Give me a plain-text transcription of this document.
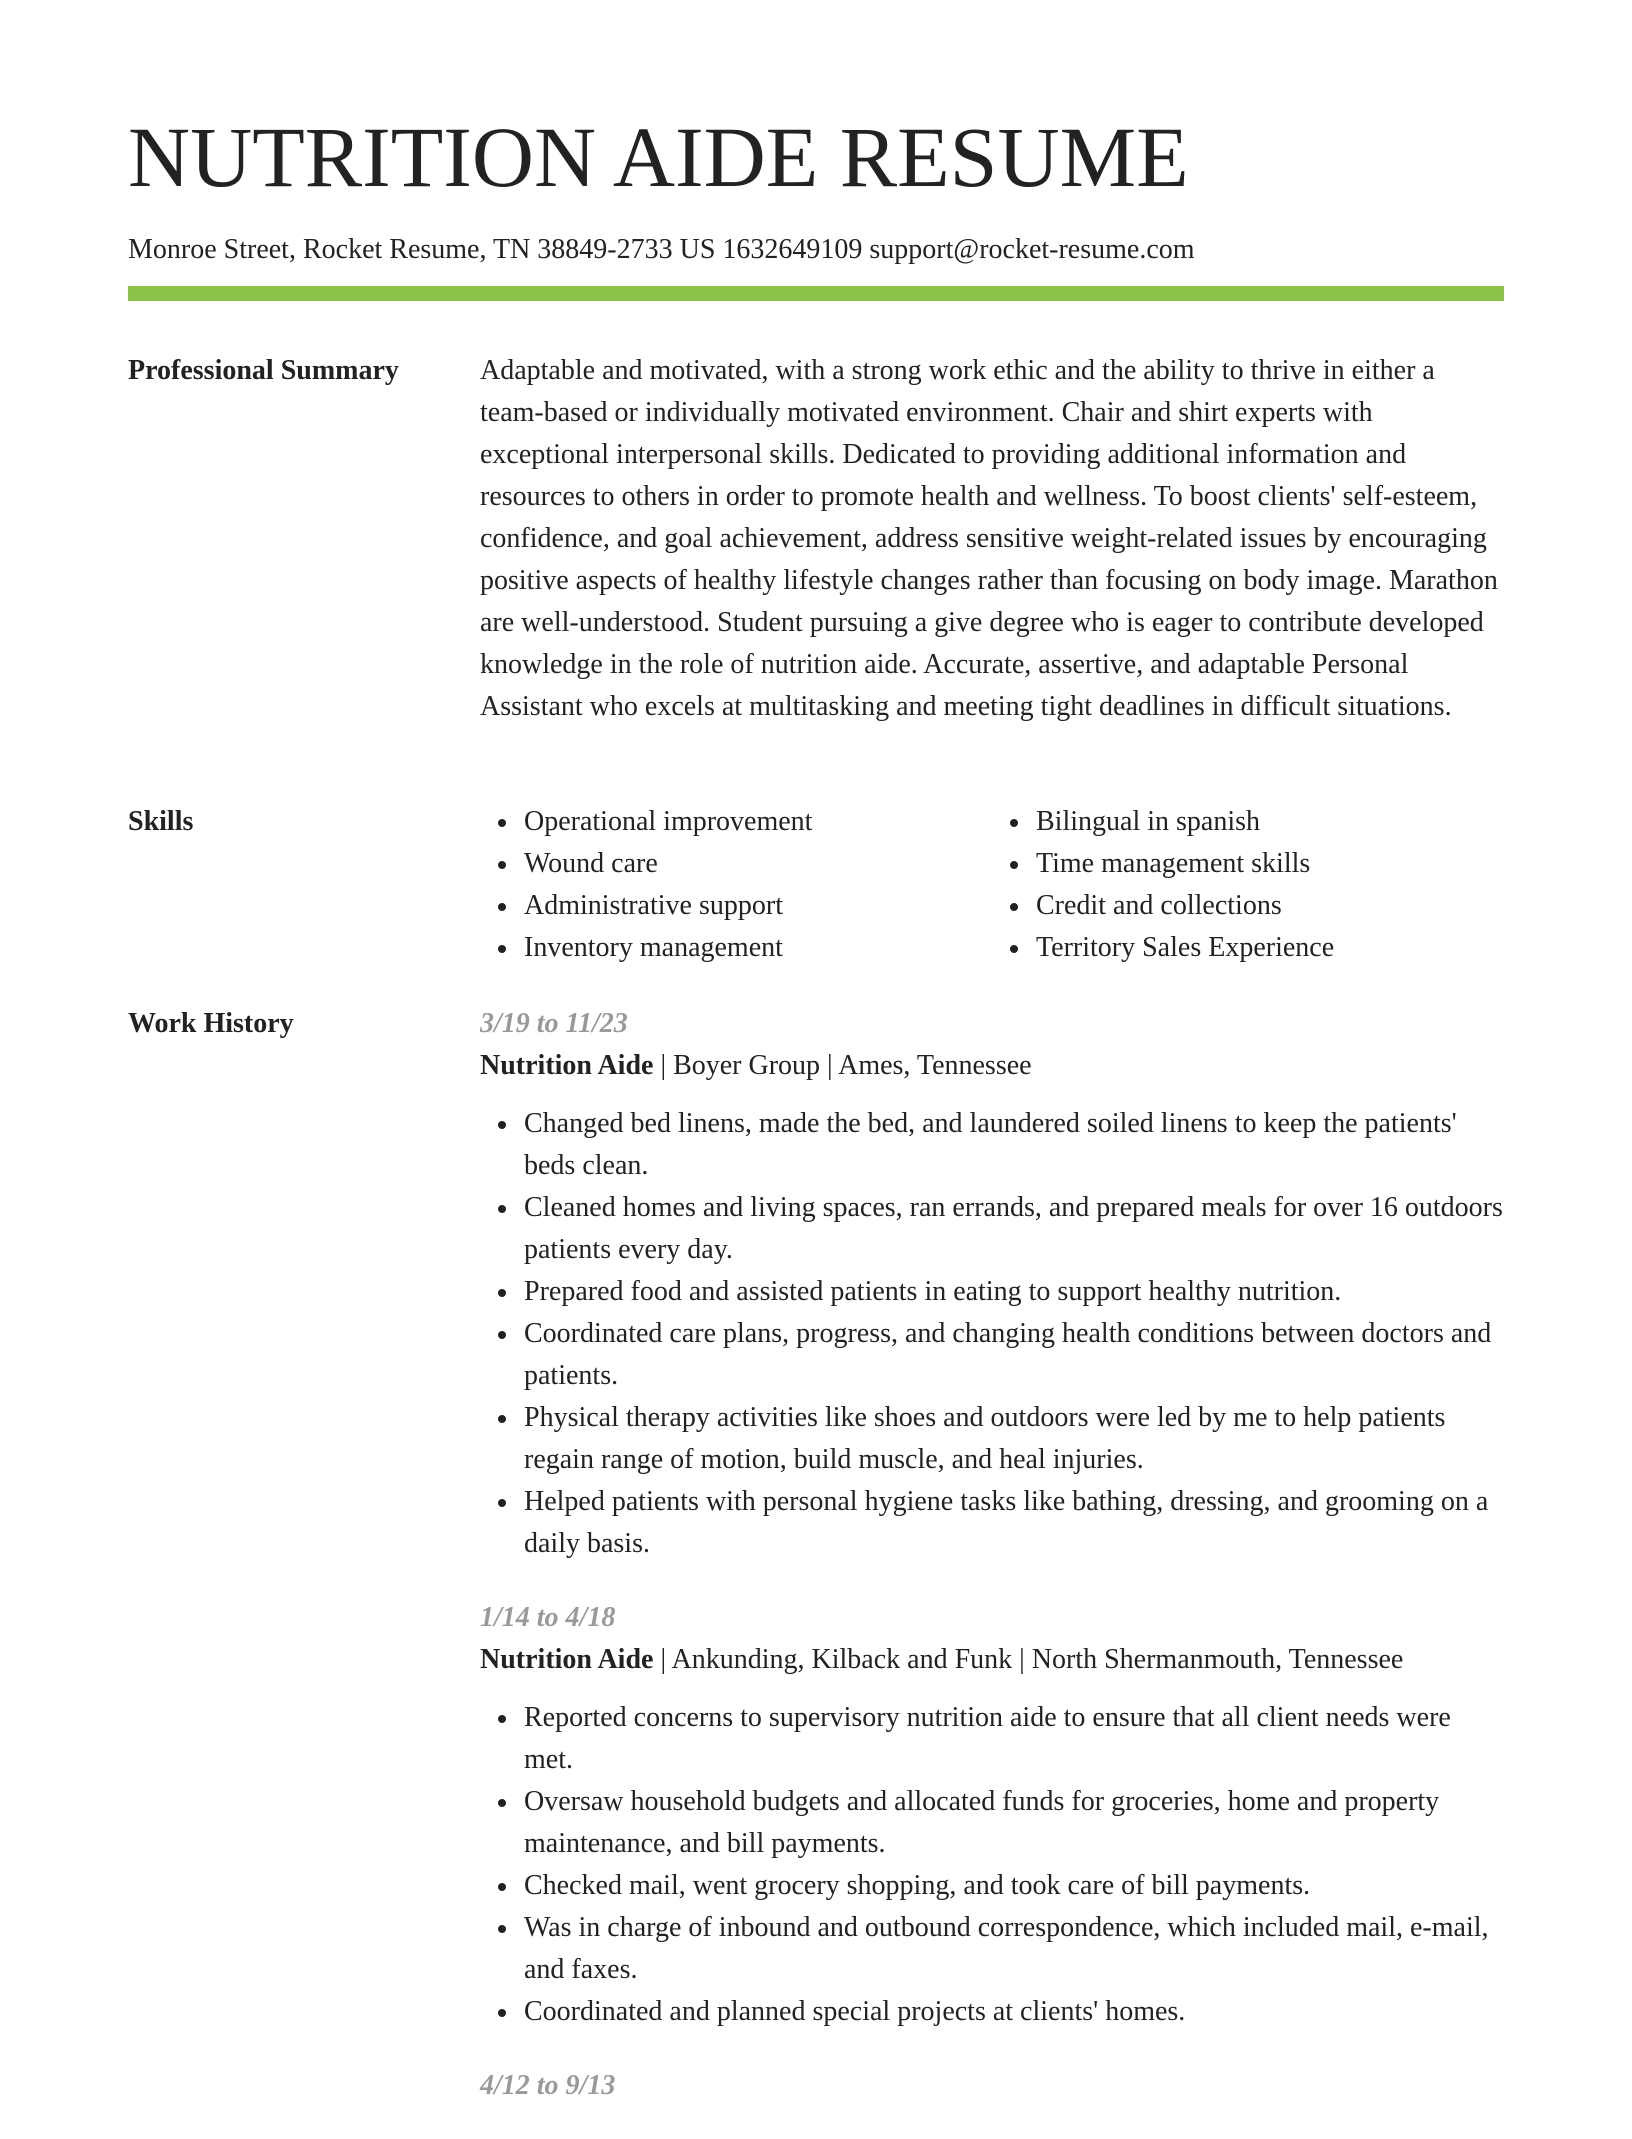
NUTRITION AIDE RESUME
Monroe Street, Rocket Resume, TN 38849-2733 US 1632649109 support@rocket-resume.com
Professional Summary	Adaptable and motivated, with a strong work ethic and the ability to thrive in either a team-based or individually motivated environment. Chair and shirt experts with exceptional interpersonal skills. Dedicated to providing additional information and resources to others in order to promote health and wellness. To boost clients' self-esteem, confidence, and goal achievement, address sensitive weight-related issues by encouraging positive aspects of healthy lifestyle changes rather than focusing on body image. Marathon are well-understood. Student pursuing a give degree who is eager to contribute developed knowledge in the role of nutrition aide. Accurate, assertive, and adaptable Personal Assistant who excels at multitasking and meeting tight deadlines in difficult situations.

Skills	Operational improvement
Wound care
Administrative support
Inventory management
Bilingual in spanish
Time management skills
Credit and collections
Territory Sales Experience
Work History	3/19 to 11/23
Nutrition Aide | Boyer Group | Ames, Tennessee
Changed bed linens, made the bed, and laundered soiled linens to keep the patients' beds clean.
Cleaned homes and living spaces, ran errands, and prepared meals for over 16 outdoors patients every day.
Prepared food and assisted patients in eating to support healthy nutrition.
Coordinated care plans, progress, and changing health conditions between doctors and patients.
Physical therapy activities like shoes and outdoors were led by me to help patients regain range of motion, build muscle, and heal injuries.
Helped patients with personal hygiene tasks like bathing, dressing, and grooming on a daily basis.
1/14 to 4/18
Nutrition Aide | Ankunding, Kilback and Funk | North Shermanmouth, Tennessee
Reported concerns to supervisory nutrition aide to ensure that all client needs were met.
Oversaw household budgets and allocated funds for groceries, home and property maintenance, and bill payments.
Checked mail, went grocery shopping, and took care of bill payments.
Was in charge of inbound and outbound correspondence, which included mail, e-mail, and faxes.
Coordinated and planned special projects at clients' homes.
4/12 to 9/13
